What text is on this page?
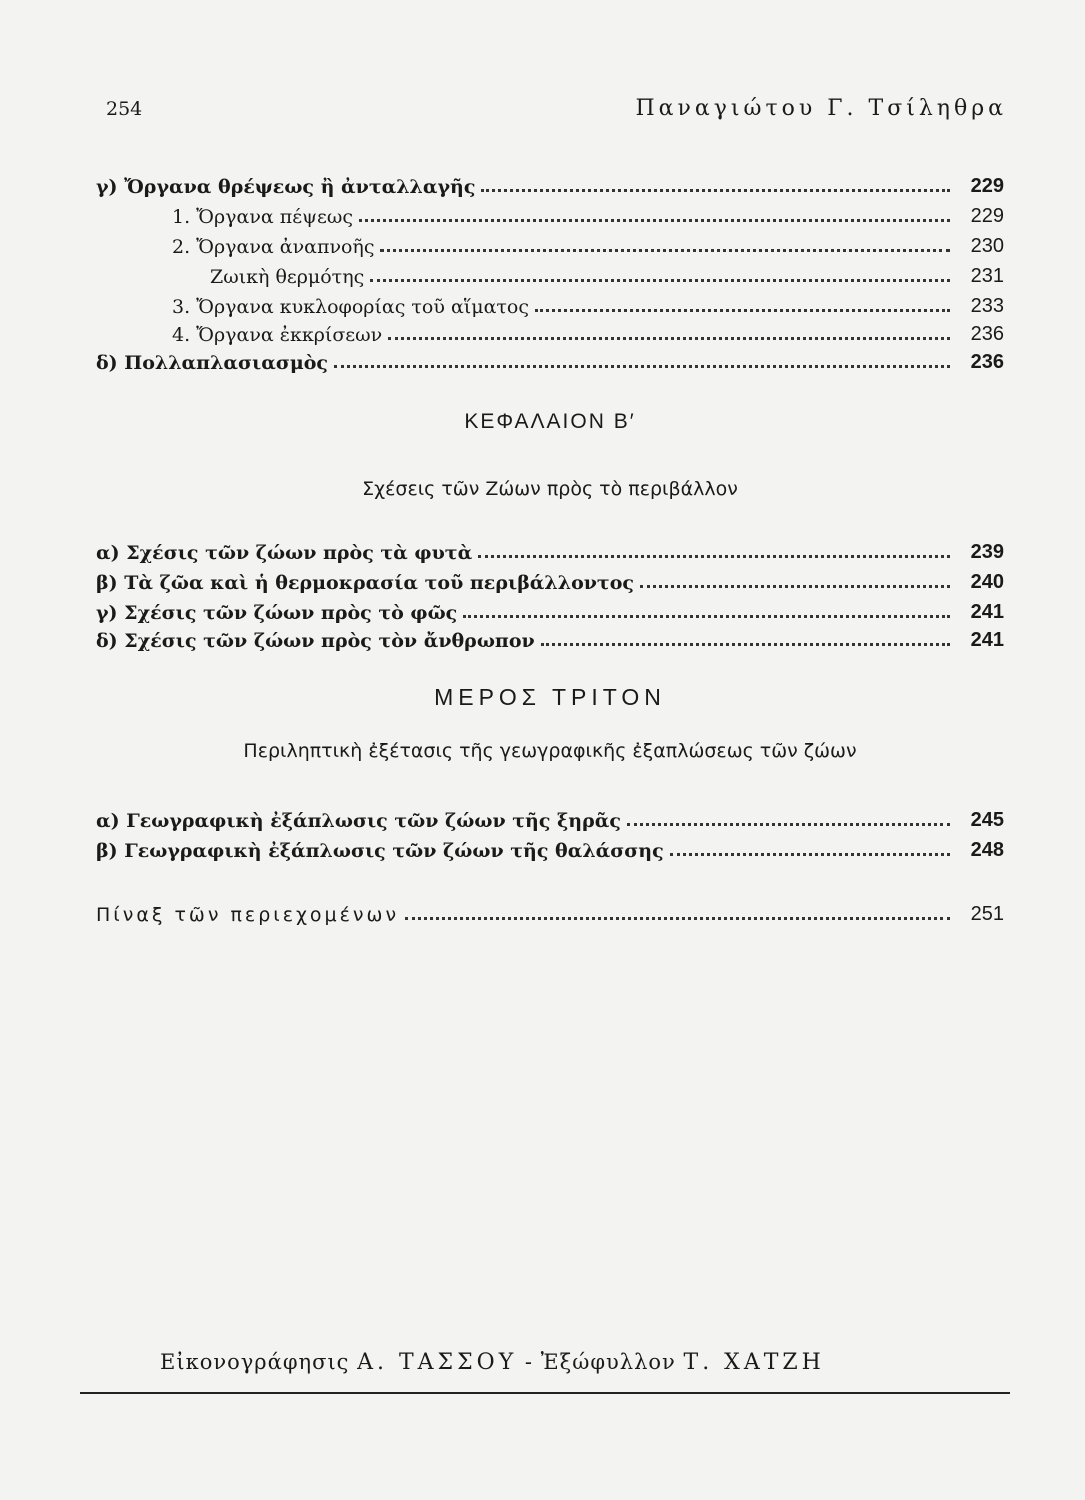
254	Παναγιώτου Γ. Τσίληθρα
γ) Ὄργανα θρέψεως ἢ ἀνταλλαγῆς	229
1. Ὄργανα πέψεως	229
2. Ὄργανα ἀναπνοῆς	230
Ζωικὴ θερμότης	231
3. Ὄργανα κυκλοφορίας τοῦ αἵματος	233
4. Ὄργανα ἐκκρίσεων	236
δ) Πολλαπλασιασμὸς	236
ΚΕΦΑΛΑΙΟΝ Β′
Σχέσεις τῶν Ζώων πρὸς τὸ περιβάλλον
α) Σχέσις τῶν ζώων πρὸς τὰ φυτὰ	239
β) Τὰ ζῶα καὶ ἡ θερμοκρασία τοῦ περιβάλλοντος	240
γ) Σχέσις τῶν ζώων πρὸς τὸ φῶς	241
δ) Σχέσις τῶν ζώων πρὸς τὸν ἄνθρωπον	241
ΜΕΡΟΣ ΤΡΙΤΟΝ
Περιληπτικὴ ἐξέτασις τῆς γεωγραφικῆς ἐξαπλώσεως τῶν ζώων
α) Γεωγραφικὴ ἐξάπλωσις τῶν ζώων τῆς ξηρᾶς	245
β) Γεωγραφικὴ ἐξάπλωσις τῶν ζώων τῆς θαλάσσης	248
Πίναξ τῶν περιεχομένων	251
Εἰκονογράφησις Α. ΤΑΣΣΟΥ - Ἐξώφυλλον Τ. ΧΑΤΖΗ
